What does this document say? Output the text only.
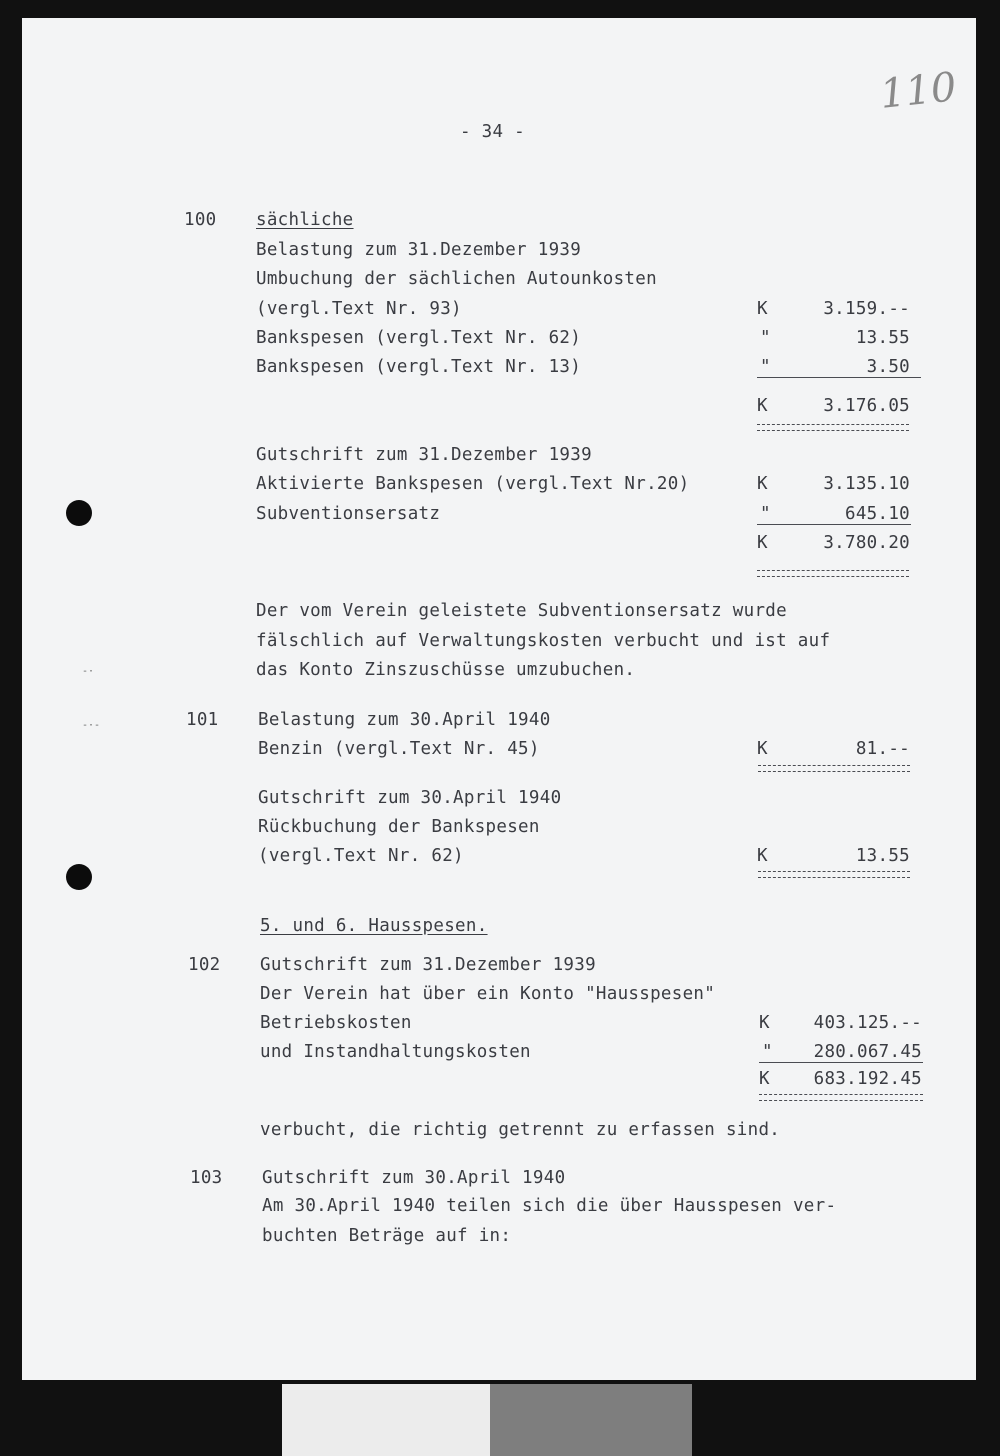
‐·
‐·‐
110
- 34 -
100 sächliche
Belastung zum 31.Dezember 1939
Umbuchung der sächlichen Autounkosten
(vergl.Text Nr. 93)	K	3.159.--
Bankspesen (vergl.Text Nr. 62)	"	13.55
Bankspesen (vergl.Text Nr. 13)	"	3.50
K	3.176.05
Gutschrift zum 31.Dezember 1939
Aktivierte Bankspesen (vergl.Text Nr.20)	K	3.135.10
Subventionsersatz	"	645.10
K	3.780.20
Der vom Verein geleistete Subventionsersatz wurde
fälschlich auf Verwaltungskosten verbucht und ist auf
das Konto Zinszuschüsse umzubuchen.
101 Belastung zum 30.April 1940
Benzin (vergl.Text Nr. 45)	K	81.--
Gutschrift zum 30.April 1940
Rückbuchung der Bankspesen
(vergl.Text Nr. 62)	K	13.55
5. und 6. Hausspesen.
102 Gutschrift zum 31.Dezember 1939
Der Verein hat über ein Konto "Hausspesen"
Betriebskosten	K	403.125.--
und Instandhaltungskosten	"	280.067.45
K	683.192.45
verbucht, die richtig getrennt zu erfassen sind.
103 Gutschrift zum 30.April 1940
Am 30.April 1940 teilen sich die über Hausspesen ver-
buchten Beträge auf in:
